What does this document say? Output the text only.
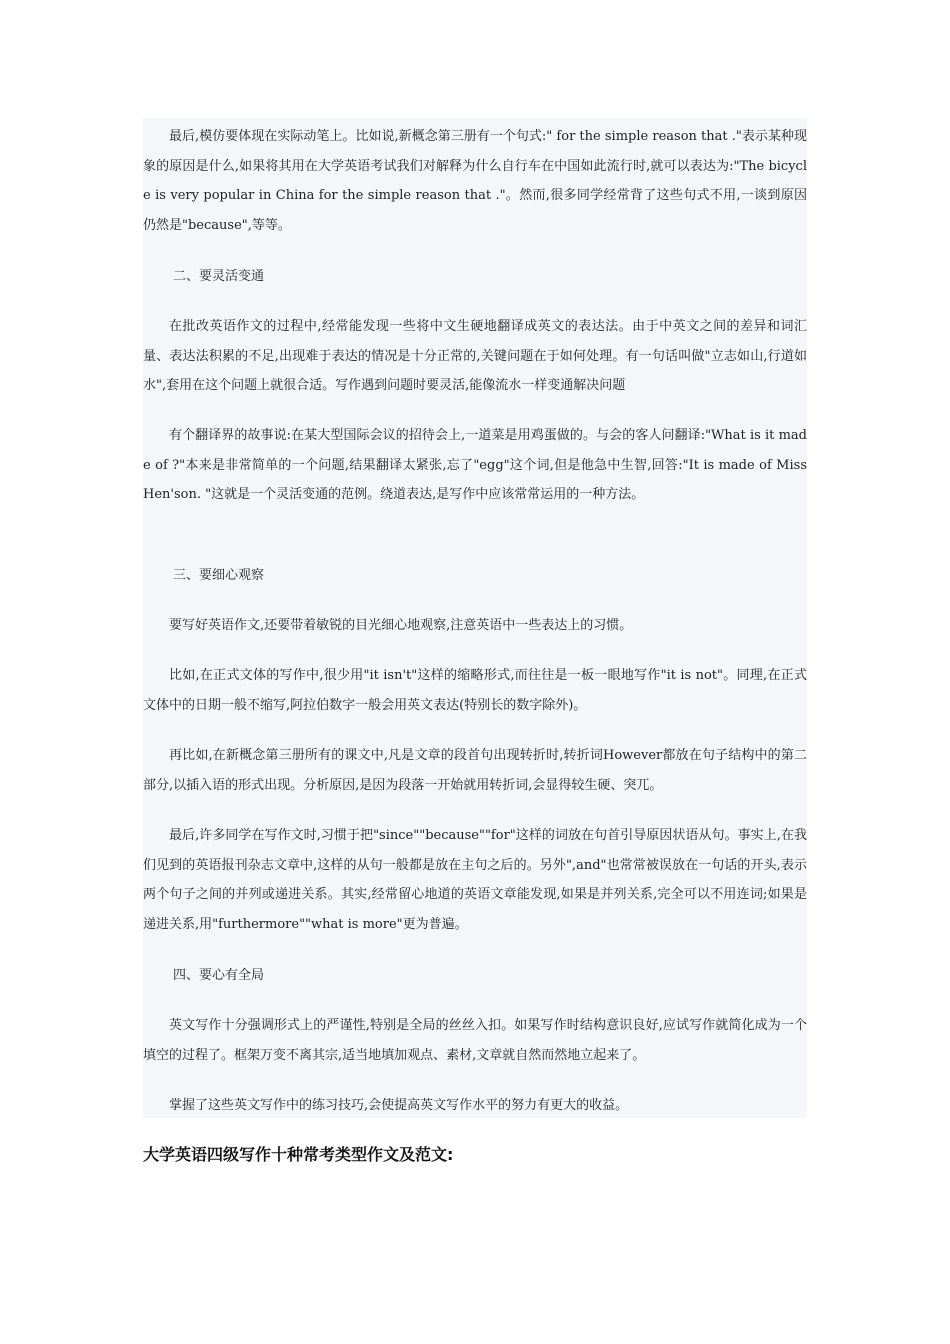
最后,模仿要体现在实际动笔上。比如说,新概念第三册有一个句式:" for the simple reason that ."表示某种现象的原因是什么,如果将其用在大学英语考试我们对解释为什么自行车在中国如此流行时,就可以表达为:"The bicycle is very popular in China for the simple reason that ."。然而,很多同学经常背了这些句式不用,一谈到原因仍然是"because",等等。

二、要灵活变通

在批改英语作文的过程中,经常能发现一些将中文生硬地翻译成英文的表达法。由于中英文之间的差异和词汇量、表达法积累的不足,出现难于表达的情况是十分正常的,关键问题在于如何处理。有一句话叫做"立志如山,行道如水",套用在这个问题上就很合适。写作遇到问题时要灵活,能像流水一样变通解决问题

有个翻译界的故事说:在某大型国际会议的招待会上,一道菜是用鸡蛋做的。与会的客人问翻译:"What is it made of ?"本来是非常简单的一个问题,结果翻译太紧张,忘了"egg"这个词,但是他急中生智,回答:"It is made of Miss Hen'son. "这就是一个灵活变通的范例。绕道表达,是写作中应该常常运用的一种方法。

三、要细心观察

要写好英语作文,还要带着敏锐的目光细心地观察,注意英语中一些表达上的习惯。

比如,在正式文体的写作中,很少用"it isn't"这样的缩略形式,而往往是一板一眼地写作"it is not"。同理,在正式文体中的日期一般不缩写,阿拉伯数字一般会用英文表达(特别长的数字除外)。

再比如,在新概念第三册所有的课文中,凡是文章的段首句出现转折时,转折词However都放在句子结构中的第二部分,以插入语的形式出现。分析原因,是因为段落一开始就用转折词,会显得较生硬、突兀。

最后,许多同学在写作文时,习惯于把"since""because""for"这样的词放在句首引导原因状语从句。事实上,在我们见到的英语报刊杂志文章中,这样的从句一般都是放在主句之后的。另外",and"也常常被误放在一句话的开头,表示两个句子之间的并列或递进关系。其实,经常留心地道的英语文章能发现,如果是并列关系,完全可以不用连词;如果是递进关系,用"furthermore""what is more"更为普遍。

四、要心有全局

英文写作十分强调形式上的严谨性,特别是全局的丝丝入扣。如果写作时结构意识良好,应试写作就简化成为一个填空的过程了。框架万变不离其宗,适当地填加观点、素材,文章就自然而然地立起来了。

掌握了这些英文写作中的练习技巧,会使提高英文写作水平的努力有更大的收益。

大学英语四级写作十种常考类型作文及范文:
